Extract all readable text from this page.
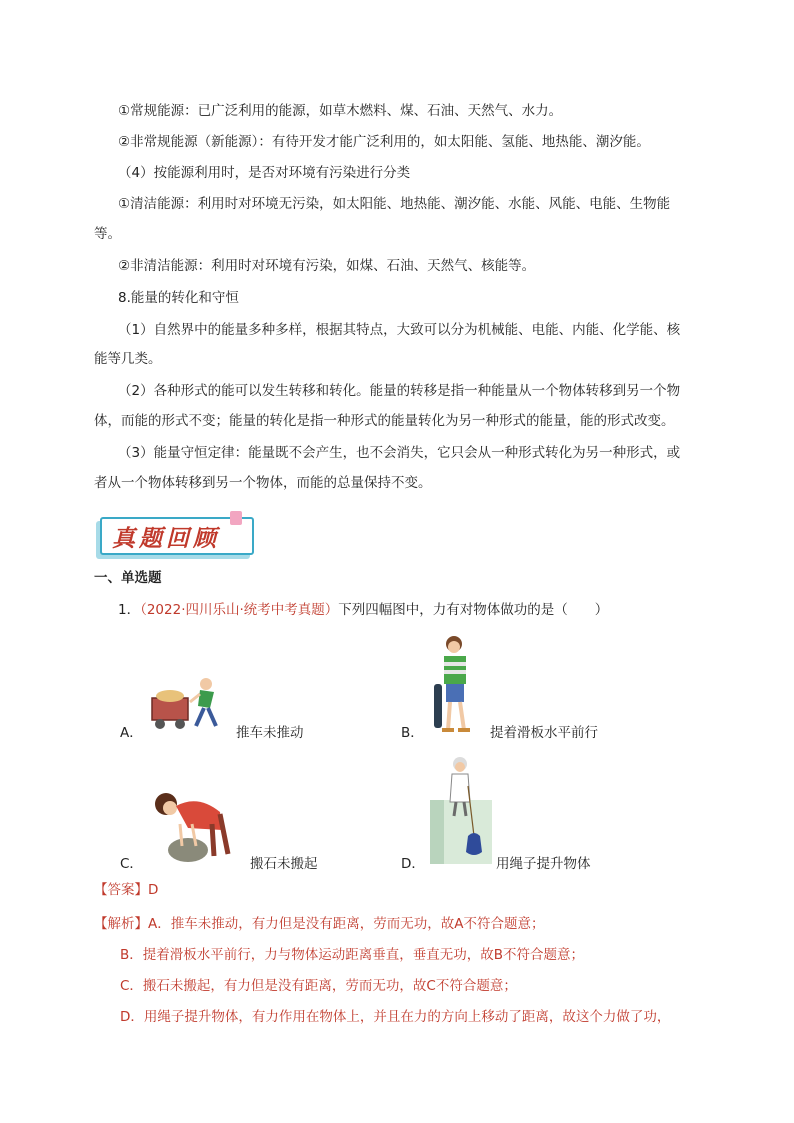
①常规能源：已广泛利用的能源，如草木燃料、煤、石油、天然气、水力。
②非常规能源（新能源）：有待开发才能广泛利用的，如太阳能、氢能、地热能、潮汐能。
（4）按能源利用时，是否对环境有污染进行分类
①清洁能源：利用时对环境无污染，如太阳能、地热能、潮汐能、水能、风能、电能、生物能
等。
②非清洁能源：利用时对环境有污染，如煤、石油、天然气、核能等。
8.能量的转化和守恒
（1）自然界中的能量多种多样，根据其特点，大致可以分为机械能、电能、内能、化学能、核
能等几类。
（2）各种形式的能可以发生转移和转化。能量的转移是指一种能量从一个物体转移到另一个物
体，而能的形式不变；能量的转化是指一种形式的能量转化为另一种形式的能量，能的形式改变。
（3）能量守恒定律：能量既不会产生，也不会消失，它只会从一种形式转化为另一种形式，或
者从一个物体转移到另一个物体，而能的总量保持不变。
真题回顾
一、单选题
1．（2022·四川乐山·统考中考真题）下列四幅图中，力有对物体做功的是（　　）
A．	推车未推动	B．	提着滑板水平前行
C．	搬石未搬起	D．	用绳子提升物体
【答案】D
【解析】A．推车未推动，有力但是没有距离，劳而无功，故A不符合题意；
B．提着滑板水平前行，力与物体运动距离垂直，垂直无功，故B不符合题意；
C．搬石未搬起，有力但是没有距离，劳而无功，故C不符合题意；
D．用绳子提升物体，有力作用在物体上，并且在力的方向上移动了距离，故这个力做了功，
